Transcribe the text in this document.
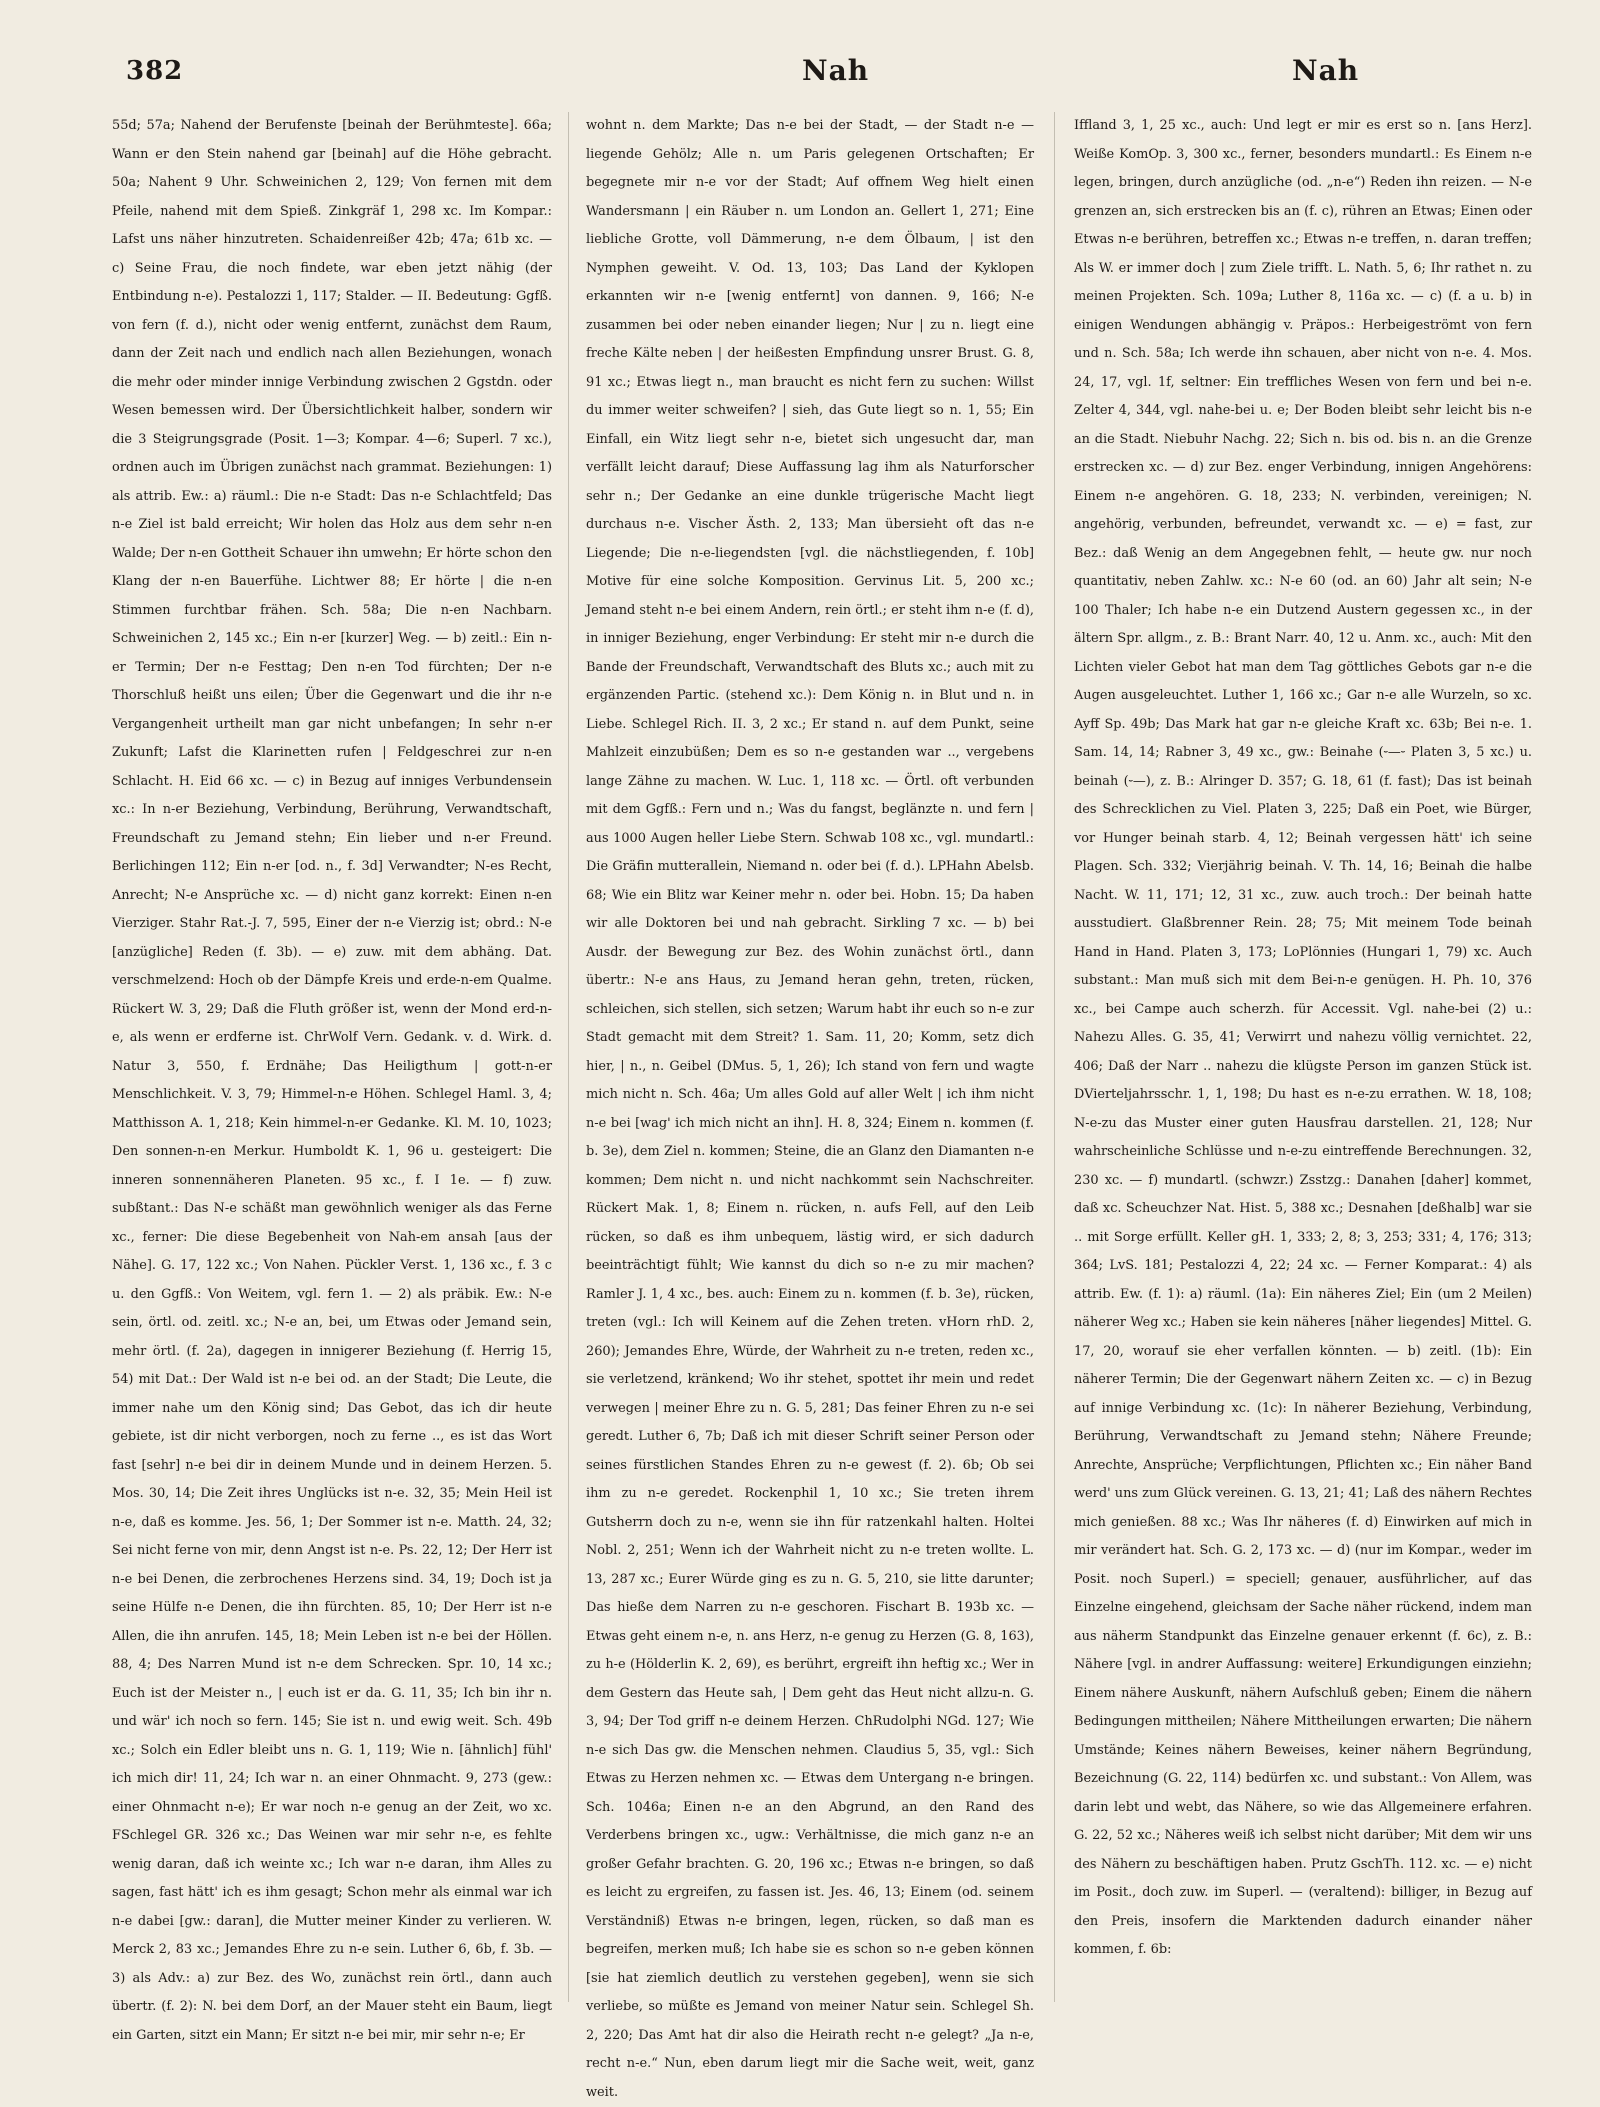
382	Nah	Nah

55d; 57a; Nahend der Berufenste [beinah der Berühmteste]. 66a; Wann er den Stein nahend gar [beinah] auf die Höhe gebracht. 50a; Nahent 9 Uhr. Schweinichen 2, 129; Von fernen mit dem Pfeile, nahend mit dem Spieß. Zinkgräf 1, 298 xc. Im Kompar.: Lafst uns näher hinzutreten. Schaidenreißer 42b; 47a; 61b xc. — c) Seine Frau, die noch findete, war eben jetzt nähig (der Entbindung n-e). Pestalozzi 1, 117; Stalder. — II. Bedeutung: Ggfß. von fern (f. d.), nicht oder wenig entfernt, zunächst dem Raum, dann der Zeit nach und endlich nach allen Beziehungen, wonach die mehr oder minder innige Verbindung zwischen 2 Ggstdn. oder Wesen bemessen wird. Der Übersichtlichkeit halber, sondern wir die 3 Steigrungsgrade (Posit. 1—3; Kompar. 4—6; Superl. 7 xc.), ordnen auch im Übrigen zunächst nach grammat. Beziehungen: 1) als attrib. Ew.: a) räuml.: Die n-e Stadt: Das n-e Schlachtfeld; Das n-e Ziel ist bald erreicht; Wir holen das Holz aus dem sehr n-en Walde; Der n-en Gottheit Schauer ihn umwehn; Er hörte schon den Klang der n-en Bauerfühe. Lichtwer 88; Er hörte | die n-en Stimmen furchtbar frähen. Sch. 58a; Die n-en Nachbarn. Schweinichen 2, 145 xc.; Ein n-er [kurzer] Weg. — b) zeitl.: Ein n-er Termin; Der n-e Festtag; Den n-en Tod fürchten; Der n-e Thorschluß heißt uns eilen; Über die Gegenwart und die ihr n-e Vergangenheit urtheilt man gar nicht unbefangen; In sehr n-er Zukunft; Lafst die Klarinetten rufen | Feldgeschrei zur n-en Schlacht. H. Eid 66 xc. — c) in Bezug auf inniges Verbundensein xc.: In n-er Beziehung, Verbindung, Berührung, Verwandtschaft, Freundschaft zu Jemand stehn; Ein lieber und n-er Freund. Berlichingen 112; Ein n-er [od. n., f. 3d] Verwandter; N-es Recht, Anrecht; N-e Ansprüche xc. — d) nicht ganz korrekt: Einen n-en Vierziger. Stahr Rat.-J. 7, 595, Einer der n-e Vierzig ist; obrd.: N-e [anzügliche] Reden (f. 3b). — e) zuw. mit dem abhäng. Dat. verschmelzend: Hoch ob der Dämpfe Kreis und erde-n-em Qualme. Rückert W. 3, 29; Daß die Fluth größer ist, wenn der Mond erd-n-e, als wenn er erdferne ist. ChrWolf Vern. Gedank. v. d. Wirk. d. Natur 3, 550, f. Erdnähe; Das Heiligthum | gott-n-er Menschlichkeit. V. 3, 79; Himmel-n-e Höhen. Schlegel Haml. 3, 4; Matthisson A. 1, 218; Kein himmel-n-er Gedanke. Kl. M. 10, 1023; Den sonnen-n-en Merkur. Humboldt K. 1, 96 u. gesteigert: Die inneren sonnennäheren Planeten. 95 xc., f. I 1e. — f) zuw. subßtant.: Das N-e schäßt man gewöhnlich weniger als das Ferne xc., ferner: Die diese Begebenheit von Nah-em ansah [aus der Nähe]. G. 17, 122 xc.; Von Nahen. Pückler Verst. 1, 136 xc., f. 3 c u. den Ggfß.: Von Weitem, vgl. fern 1. — 2) als präbik. Ew.: N-e sein, örtl. od. zeitl. xc.; N-e an, bei, um Etwas oder Jemand sein, mehr örtl. (f. 2a), dagegen in innigerer Beziehung (f. Herrig 15, 54) mit Dat.: Der Wald ist n-e bei od. an der Stadt; Die Leute, die immer nahe um den König sind; Das Gebot, das ich dir heute gebiete, ist dir nicht verborgen, noch zu ferne .., es ist das Wort fast [sehr] n-e bei dir in deinem Munde und in deinem Herzen. 5. Mos. 30, 14; Die Zeit ihres Unglücks ist n-e. 32, 35; Mein Heil ist n-e, daß es komme. Jes. 56, 1; Der Sommer ist n-e. Matth. 24, 32; Sei nicht ferne von mir, denn Angst ist n-e. Ps. 22, 12; Der Herr ist n-e bei Denen, die zerbrochenes Herzens sind. 34, 19; Doch ist ja seine Hülfe n-e Denen, die ihn fürchten. 85, 10; Der Herr ist n-e Allen, die ihn anrufen. 145, 18; Mein Leben ist n-e bei der Höllen. 88, 4; Des Narren Mund ist n-e dem Schrecken. Spr. 10, 14 xc.; Euch ist der Meister n., | euch ist er da. G. 11, 35; Ich bin ihr n. und wär' ich noch so fern. 145; Sie ist n. und ewig weit. Sch. 49b xc.; Solch ein Edler bleibt uns n. G. 1, 119; Wie n. [ähnlich] fühl' ich mich dir! 11, 24; Ich war n. an einer Ohnmacht. 9, 273 (gew.: einer Ohnmacht n-e); Er war noch n-e genug an der Zeit, wo xc. FSchlegel GR. 326 xc.; Das Weinen war mir sehr n-e, es fehlte wenig daran, daß ich weinte xc.; Ich war n-e daran, ihm Alles zu sagen, fast hätt' ich es ihm gesagt; Schon mehr als einmal war ich n-e dabei [gw.: daran], die Mutter meiner Kinder zu verlieren. W. Merck 2, 83 xc.; Jemandes Ehre zu n-e sein. Luther 6, 6b, f. 3b. — 3) als Adv.: a) zur Bez. des Wo, zunächst rein örtl., dann auch übertr. (f. 2): N. bei dem Dorf, an der Mauer steht ein Baum, liegt ein Garten, sitzt ein Mann; Er sitzt n-e bei mir, mir sehr n-e; Er

wohnt n. dem Markte; Das n-e bei der Stadt, — der Stadt n-e — liegende Gehölz; Alle n. um Paris gelegenen Ortschaften; Er begegnete mir n-e vor der Stadt; Auf offnem Weg hielt einen Wandersmann | ein Räuber n. um London an. Gellert 1, 271; Eine liebliche Grotte, voll Dämmerung, n-e dem Ölbaum, | ist den Nymphen geweiht. V. Od. 13, 103; Das Land der Kyklopen erkannten wir n-e [wenig entfernt] von dannen. 9, 166; N-e zusammen bei oder neben einander liegen; Nur | zu n. liegt eine freche Kälte neben | der heißesten Empfindung unsrer Brust. G. 8, 91 xc.; Etwas liegt n., man braucht es nicht fern zu suchen: Willst du immer weiter schweifen? | sieh, das Gute liegt so n. 1, 55; Ein Einfall, ein Witz liegt sehr n-e, bietet sich ungesucht dar, man verfällt leicht darauf; Diese Auffassung lag ihm als Naturforscher sehr n.; Der Gedanke an eine dunkle trügerische Macht liegt durchaus n-e. Vischer Ästh. 2, 133; Man übersieht oft das n-e Liegende; Die n-e-liegendsten [vgl. die nächstliegenden, f. 10b] Motive für eine solche Komposition. Gervinus Lit. 5, 200 xc.; Jemand steht n-e bei einem Andern, rein örtl.; er steht ihm n-e (f. d), in inniger Beziehung, enger Verbindung: Er steht mir n-e durch die Bande der Freundschaft, Verwandtschaft des Bluts xc.; auch mit zu ergänzenden Partic. (stehend xc.): Dem König n. in Blut und n. in Liebe. Schlegel Rich. II. 3, 2 xc.; Er stand n. auf dem Punkt, seine Mahlzeit einzubüßen; Dem es so n-e gestanden war .., vergebens lange Zähne zu machen. W. Luc. 1, 118 xc. — Örtl. oft verbunden mit dem Ggfß.: Fern und n.; Was du fangst, beglänzte n. und fern | aus 1000 Augen heller Liebe Stern. Schwab 108 xc., vgl. mundartl.: Die Gräfin mutterallein, Niemand n. oder bei (f. d.). LPHahn Abelsb. 68; Wie ein Blitz war Keiner mehr n. oder bei. Hobn. 15; Da haben wir alle Doktoren bei und nah gebracht. Sirkling 7 xc. — b) bei Ausdr. der Bewegung zur Bez. des Wohin zunächst örtl., dann übertr.: N-e ans Haus, zu Jemand heran gehn, treten, rücken, schleichen, sich stellen, sich setzen; Warum habt ihr euch so n-e zur Stadt gemacht mit dem Streit? 1. Sam. 11, 20; Komm, setz dich hier, | n., n. Geibel (DMus. 5, 1, 26); Ich stand von fern und wagte mich nicht n. Sch. 46a; Um alles Gold auf aller Welt | ich ihm nicht n-e bei [wag' ich mich nicht an ihn]. H. 8, 324; Einem n. kommen (f. b. 3e), dem Ziel n. kommen; Steine, die an Glanz den Diamanten n-e kommen; Dem nicht n. und nicht nachkommt sein Nachschreiter. Rückert Mak. 1, 8; Einem n. rücken, n. aufs Fell, auf den Leib rücken, so daß es ihm unbequem, lästig wird, er sich dadurch beeinträchtigt fühlt; Wie kannst du dich so n-e zu mir machen? Ramler J. 1, 4 xc., bes. auch: Einem zu n. kommen (f. b. 3e), rücken, treten (vgl.: Ich will Keinem auf die Zehen treten. vHorn rhD. 2, 260); Jemandes Ehre, Würde, der Wahrheit zu n-e treten, reden xc., sie verletzend, kränkend; Wo ihr stehet, spottet ihr mein und redet verwegen | meiner Ehre zu n. G. 5, 281; Das feiner Ehren zu n-e sei geredt. Luther 6, 7b; Daß ich mit dieser Schrift seiner Person oder seines fürstlichen Standes Ehren zu n-e gewest (f. 2). 6b; Ob sei ihm zu n-e geredet. Rockenphil 1, 10 xc.; Sie treten ihrem Gutsherrn doch zu n-e, wenn sie ihn für ratzenkahl halten. Holtei Nobl. 2, 251; Wenn ich der Wahrheit nicht zu n-e treten wollte. L. 13, 287 xc.; Eurer Würde ging es zu n. G. 5, 210, sie litte darunter; Das hieße dem Narren zu n-e geschoren. Fischart B. 193b xc. — Etwas geht einem n-e, n. ans Herz, n-e genug zu Herzen (G. 8, 163), zu h-e (Hölderlin K. 2, 69), es berührt, ergreift ihn heftig xc.; Wer in dem Gestern das Heute sah, | Dem geht das Heut nicht allzu-n. G. 3, 94; Der Tod griff n-e deinem Herzen. ChRudolphi NGd. 127; Wie n-e sich Das gw. die Menschen nehmen. Claudius 5, 35, vgl.: Sich Etwas zu Herzen nehmen xc. — Etwas dem Untergang n-e bringen. Sch. 1046a; Einen n-e an den Abgrund, an den Rand des Verderbens bringen xc., ugw.: Verhältnisse, die mich ganz n-e an großer Gefahr brachten. G. 20, 196 xc.; Etwas n-e bringen, so daß es leicht zu ergreifen, zu fassen ist. Jes. 46, 13; Einem (od. seinem Verständniß) Etwas n-e bringen, legen, rücken, so daß man es begreifen, merken muß; Ich habe sie es schon so n-e geben können [sie hat ziemlich deutlich zu verstehen gegeben], wenn sie sich verliebe, so müßte es Jemand von meiner Natur sein. Schlegel Sh. 2, 220; Das Amt hat dir also die Heirath recht n-e gelegt? „Ja n-e, recht n-e.“ Nun, eben darum liegt mir die Sache weit, weit, ganz weit.

Iffland 3, 1, 25 xc., auch: Und legt er mir es erst so n. [ans Herz]. Weiße KomOp. 3, 300 xc., ferner, besonders mundartl.: Es Einem n-e legen, bringen, durch anzügliche (od. „n-e“) Reden ihn reizen. — N-e grenzen an, sich erstrecken bis an (f. c), rühren an Etwas; Einen oder Etwas n-e berühren, betreffen xc.; Etwas n-e treffen, n. daran treffen; Als W. er immer doch | zum Ziele trifft. L. Nath. 5, 6; Ihr rathet n. zu meinen Projekten. Sch. 109a; Luther 8, 116a xc. — c) (f. a u. b) in einigen Wendungen abhängig v. Präpos.: Herbeigeströmt von fern und n. Sch. 58a; Ich werde ihn schauen, aber nicht von n-e. 4. Mos. 24, 17, vgl. 1f, seltner: Ein treffliches Wesen von fern und bei n-e. Zelter 4, 344, vgl. nahe-bei u. e; Der Boden bleibt sehr leicht bis n-e an die Stadt. Niebuhr Nachg. 22; Sich n. bis od. bis n. an die Grenze erstrecken xc. — d) zur Bez. enger Verbindung, innigen Angehörens: Einem n-e angehören. G. 18, 233; N. verbinden, vereinigen; N. angehörig, verbunden, befreundet, verwandt xc. — e) = fast, zur Bez.: daß Wenig an dem Angegebnen fehlt, — heute gw. nur noch quantitativ, neben Zahlw. xc.: N-e 60 (od. an 60) Jahr alt sein; N-e 100 Thaler; Ich habe n-e ein Dutzend Austern gegessen xc., in der ältern Spr. allgm., z. B.: Brant Narr. 40, 12 u. Anm. xc., auch: Mit den Lichten vieler Gebot hat man dem Tag göttliches Gebots gar n-e die Augen ausgeleuchtet. Luther 1, 166 xc.; Gar n-e alle Wurzeln, so xc. Ayff Sp. 49b; Das Mark hat gar n-e gleiche Kraft xc. 63b; Bei n-e. 1. Sam. 14, 14; Rabner 3, 49 xc., gw.: Beinahe (⏑—⏑ Platen 3, 5 xc.) u. beinah (⏑—), z. B.: Alringer D. 357; G. 18, 61 (f. fast); Das ist beinah des Schrecklichen zu Viel. Platen 3, 225; Daß ein Poet, wie Bürger, vor Hunger beinah starb. 4, 12; Beinah vergessen hätt' ich seine Plagen. Sch. 332; Vierjährig beinah. V. Th. 14, 16; Beinah die halbe Nacht. W. 11, 171; 12, 31 xc., zuw. auch troch.: Der beinah hatte ausstudiert. Glaßbrenner Rein. 28; 75; Mit meinem Tode beinah Hand in Hand. Platen 3, 173; LoPlönnies (Hungari 1, 79) xc. Auch substant.: Man muß sich mit dem Bei-n-e genügen. H. Ph. 10, 376 xc., bei Campe auch scherzh. für Accessit. Vgl. nahe-bei (2) u.: Nahezu Alles. G. 35, 41; Verwirrt und nahezu völlig vernichtet. 22, 406; Daß der Narr .. nahezu die klügste Person im ganzen Stück ist. DVierteljahrsschr. 1, 1, 198; Du hast es n-e-zu errathen. W. 18, 108; N-e-zu das Muster einer guten Hausfrau darstellen. 21, 128; Nur wahrscheinliche Schlüsse und n-e-zu eintreffende Berechnungen. 32, 230 xc. — f) mundartl. (schwzr.) Zsstzg.: Danahen [daher] kommet, daß xc. Scheuchzer Nat. Hist. 5, 388 xc.; Desnahen [deßhalb] war sie .. mit Sorge erfüllt. Keller gH. 1, 333; 2, 8; 3, 253; 331; 4, 176; 313; 364; LvS. 181; Pestalozzi 4, 22; 24 xc. — Ferner Komparat.: 4) als attrib. Ew. (f. 1): a) räuml. (1a): Ein näheres Ziel; Ein (um 2 Meilen) näherer Weg xc.; Haben sie kein näheres [näher liegendes] Mittel. G. 17, 20, worauf sie eher verfallen könnten. — b) zeitl. (1b): Ein näherer Termin; Die der Gegenwart nähern Zeiten xc. — c) in Bezug auf innige Verbindung xc. (1c): In näherer Beziehung, Verbindung, Berührung, Verwandtschaft zu Jemand stehn; Nähere Freunde; Anrechte, Ansprüche; Verpflichtungen, Pflichten xc.; Ein näher Band werd' uns zum Glück vereinen. G. 13, 21; 41; Laß des nähern Rechtes mich genießen. 88 xc.; Was Ihr näheres (f. d) Einwirken auf mich in mir verändert hat. Sch. G. 2, 173 xc. — d) (nur im Kompar., weder im Posit. noch Superl.) = speciell; genauer, ausführlicher, auf das Einzelne eingehend, gleichsam der Sache näher rückend, indem man aus näherm Standpunkt das Einzelne genauer erkennt (f. 6c), z. B.: Nähere [vgl. in andrer Auffassung: weitere] Erkundigungen einziehn; Einem nähere Auskunft, nähern Aufschluß geben; Einem die nähern Bedingungen mittheilen; Nähere Mittheilungen erwarten; Die nähern Umstände; Keines nähern Beweises, keiner nähern Begründung, Bezeichnung (G. 22, 114) bedürfen xc. und substant.: Von Allem, was darin lebt und webt, das Nähere, so wie das Allgemeinere erfahren. G. 22, 52 xc.; Näheres weiß ich selbst nicht darüber; Mit dem wir uns des Nähern zu beschäftigen haben. Prutz GschTh. 112. xc. — e) nicht im Posit., doch zuw. im Superl. — (veraltend): billiger, in Bezug auf den Preis, insofern die Marktenden dadurch einander näher kommen, f. 6b:
